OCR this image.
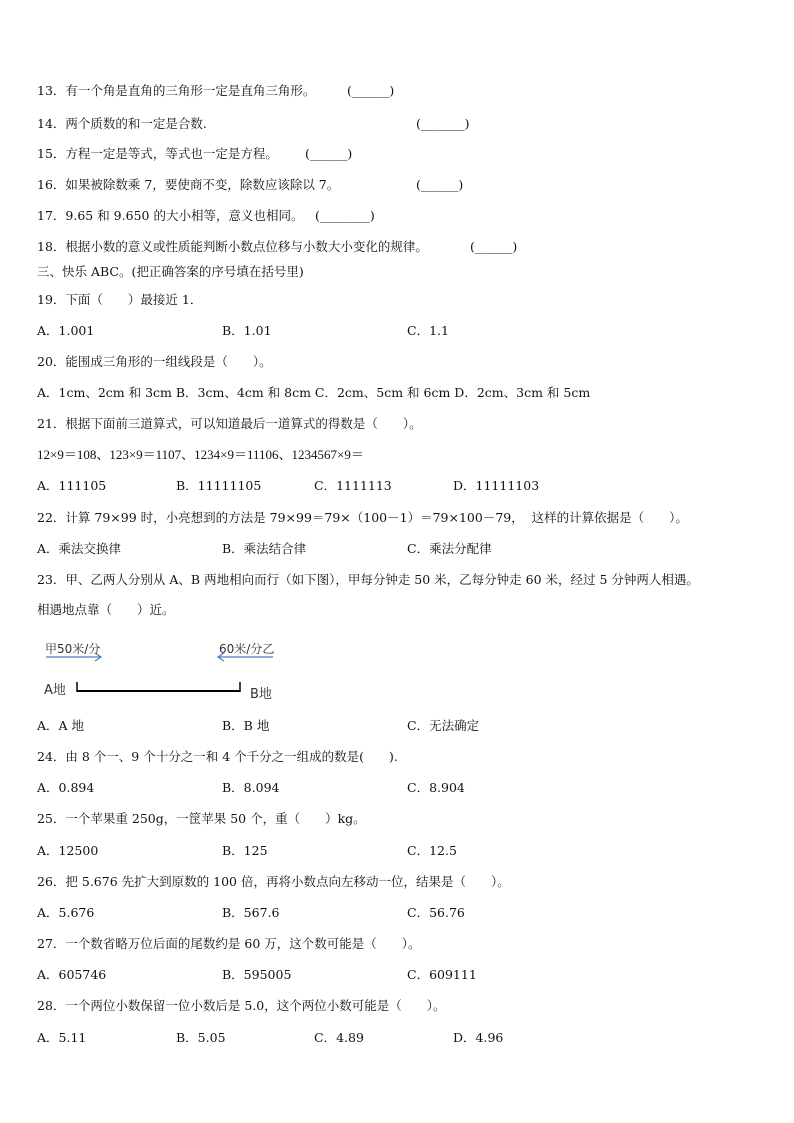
13．有一个角是直角的三角形一定是直角三角形。	(______)
14．两个质数的和一定是合数.	(_______)
15．方程一定是等式，等式也一定是方程。 (______)
16．如果被除数乘 7，要使商不变，除数应该除以 7。	(______)
17．9.65 和 9.650 的大小相等，意义也相同。 (________)
18．根据小数的意义或性质能判断小数点位移与小数大小变化的规律。	(______)
三、快乐 ABC。(把正确答案的序号填在括号里)
19．下面（　　）最接近 1．
A．1.001	B．1.01	C．1.1
20．能围成三角形的一组线段是（　　）。
A．1cm、2cm 和 3cm B．3cm、4cm 和 8cm C．2cm、5cm 和 6cm D．2cm、3cm 和 5cm
21．根据下面前三道算式，可以知道最后一道算式的得数是（　　）。
12×9＝108、123×9＝1107、1234×9＝11106、1234567×9＝
A．111105	B．11111105	C．1111113	D．11111103
22．计算 79×99 时，小亮想到的方法是 79×99＝79×（100－1）＝79×100－79，  这样的计算依据是（　　）。
A．乘法交换律	B．乘法结合律	C．乘法分配律
23．甲、乙两人分别从 A、B 两地相向而行（如下图），甲每分钟走 50 米，乙每分钟走 60 米，经过 5 分钟两人相遇。
相遇地点靠（　　）近。
甲50米/分	60米/分乙
A地	B地
A．A 地	B．B 地	C．无法确定
24．由 8 个一、9 个十分之一和 4 个千分之一组成的数是(　　).
A．0.894	B．8.094	C．8.904
25．一个苹果重 250g，一筐苹果 50 个，重（　　）kg。
A．12500	B．125	C．12.5
26．把 5.676 先扩大到原数的 100 倍，再将小数点向左移动一位，结果是（　　）。
A．5.676	B．567.6	C．56.76
27．一个数省略万位后面的尾数约是 60 万，这个数可能是（　　）。
A．605746	B．595005	C．609111
28．一个两位小数保留一位小数后是 5.0，这个两位小数可能是（　　）。
A．5.11	B．5.05	C．4.89	D．4.96
